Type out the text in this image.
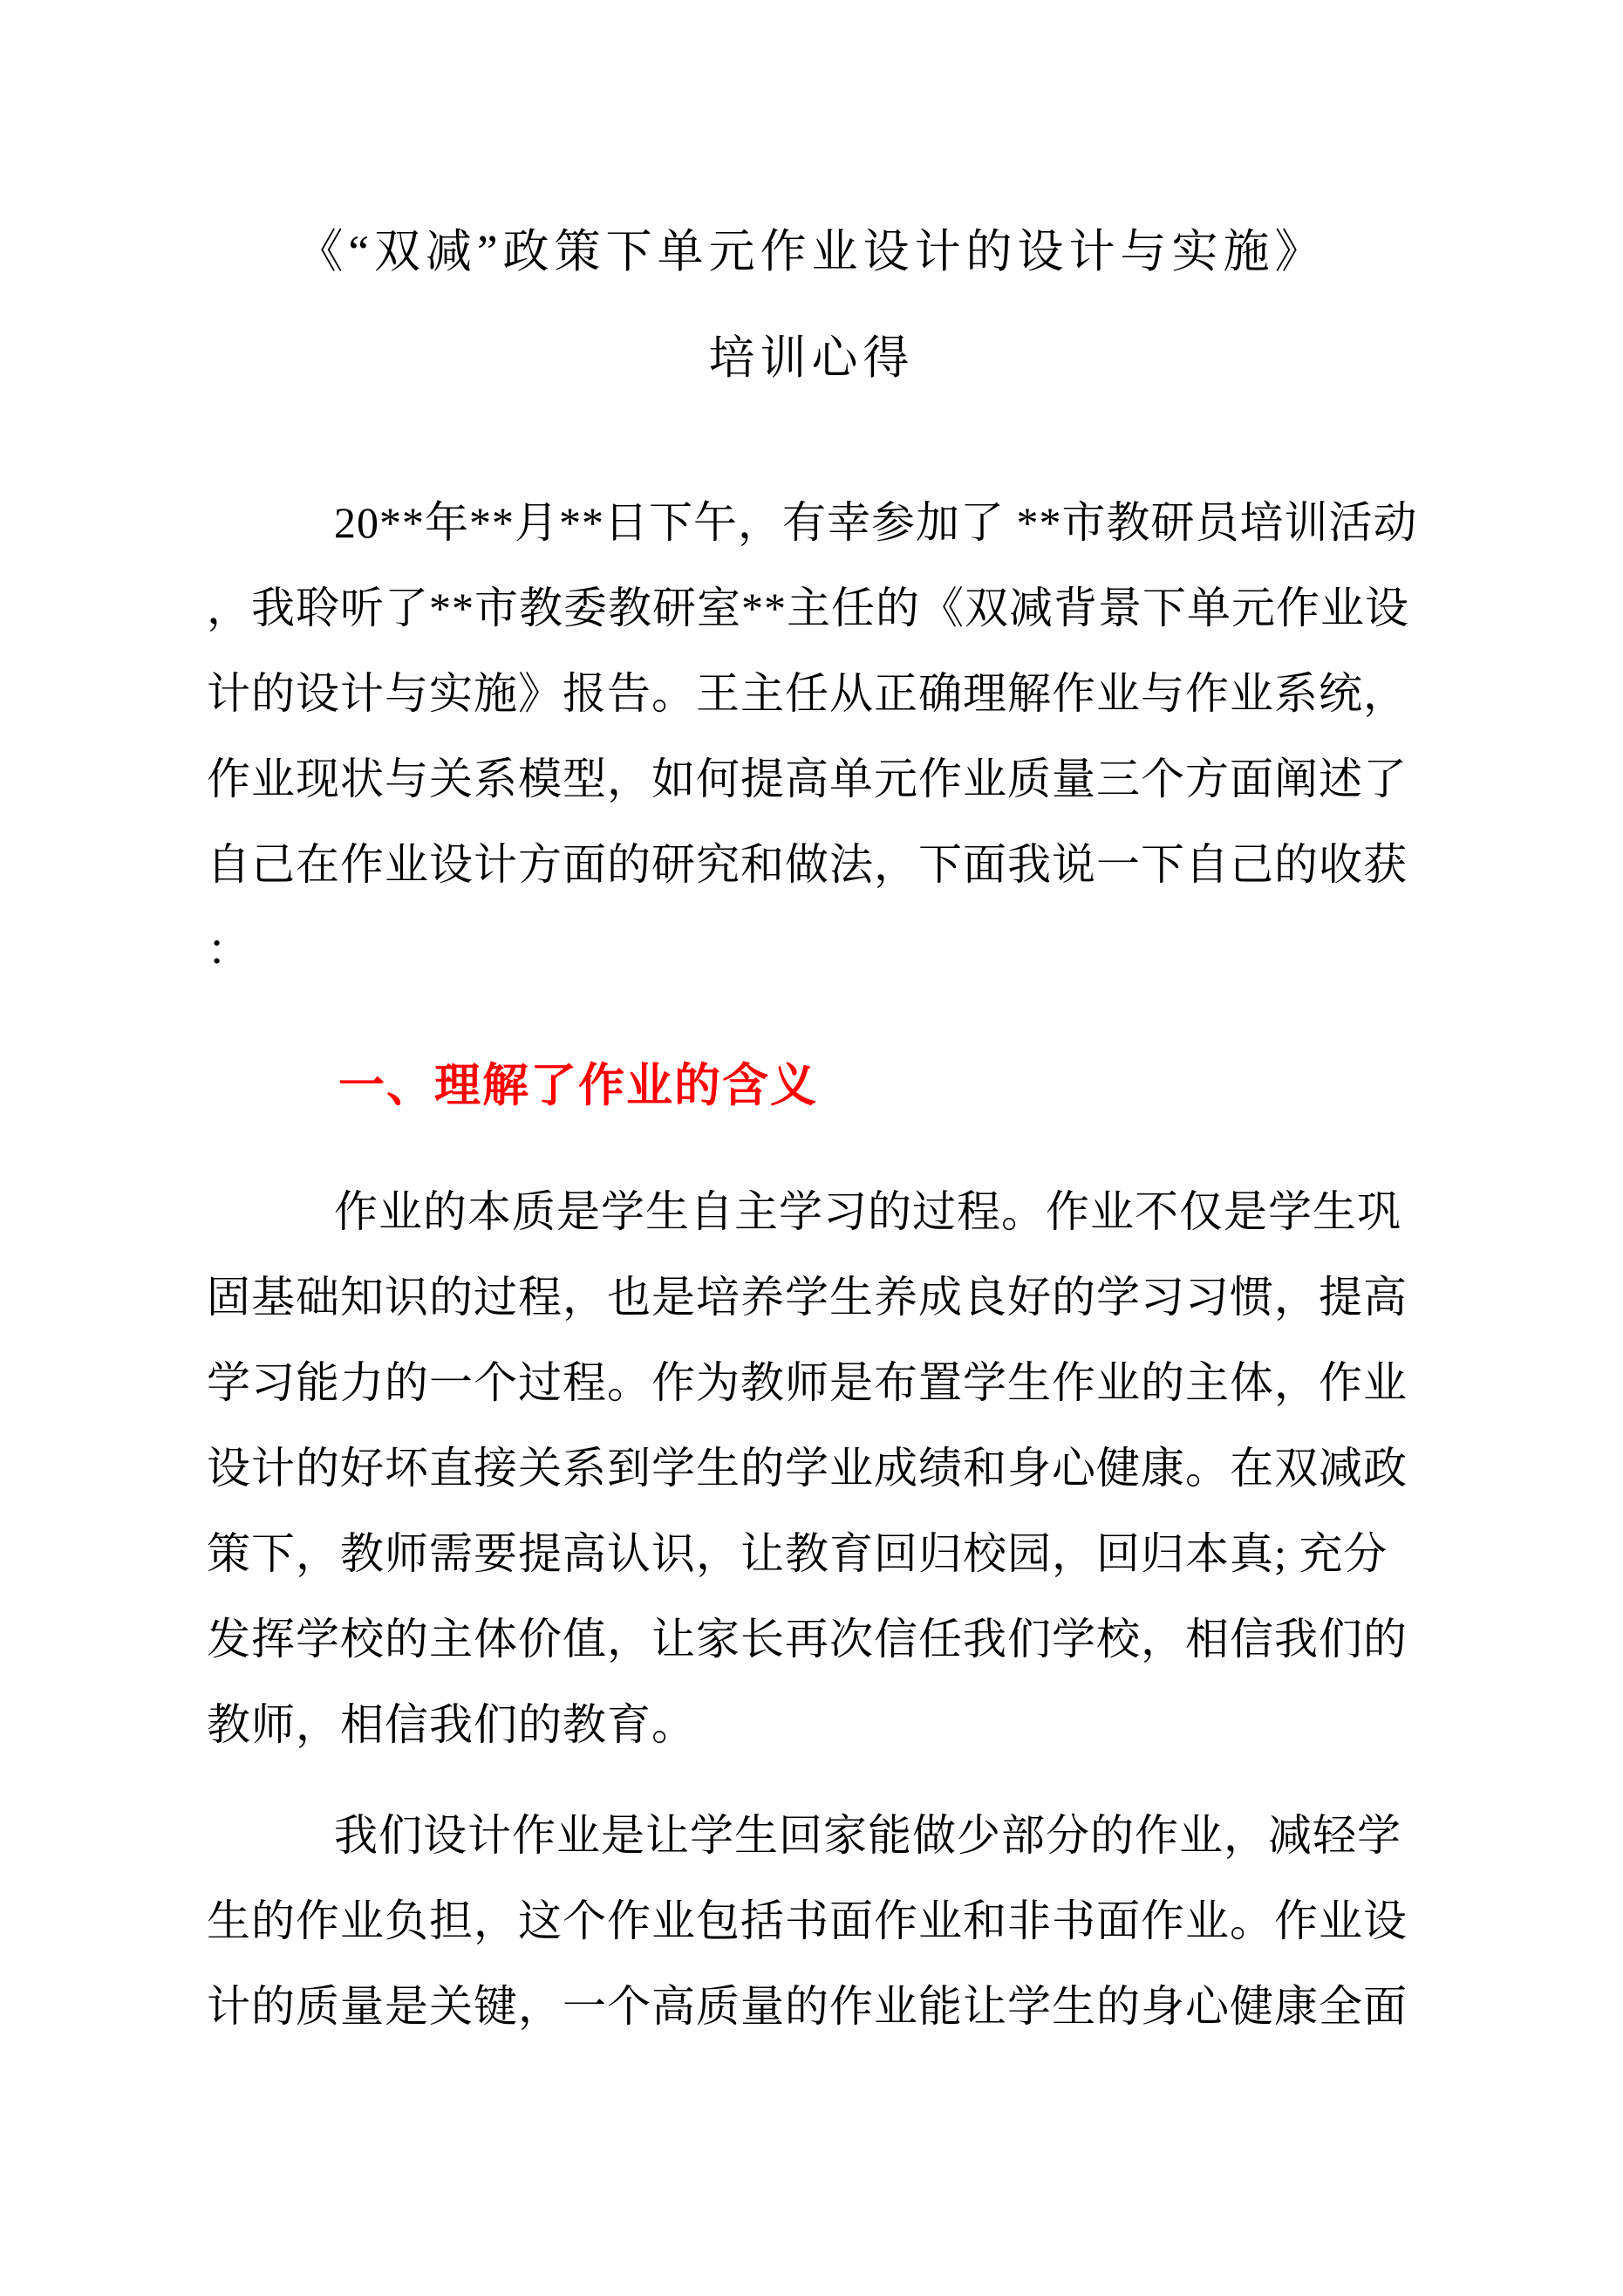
《“双减”政策下单元作业设计的设计与实施》
培训心得
20**年**月**日下午，有幸参加了 **市教研员培训活动
，我聆听了**市教委教研室**主任的《双减背景下单元作业设
计的设计与实施》报告。王主任从正确理解作业与作业系统，
作业现状与关系模型，如何提高单元作业质量三个方面阐述了
自己在作业设计方面的研究和做法，下面我说一下自己的收获
：
一、理解了作业的含义
作业的本质是学生自主学习的过程。作业不仅是学生巩
固基础知识的过程，也是培养学生养成良好的学习习惯，提高
学习能力的一个过程。作为教师是布置学生作业的主体，作业
设计的好坏直接关系到学生的学业成绩和身心健康。在双减政
策下，教师需要提高认识，让教育回归校园，回归本真; 充分
发挥学校的主体价值，让家长再次信任我们学校，相信我们的
教师，相信我们的教育。
我们设计作业是让学生回家能做少部分的作业，减轻学
生的作业负担，这个作业包括书面作业和非书面作业。作业设
计的质量是关键，一个高质量的作业能让学生的身心健康全面
